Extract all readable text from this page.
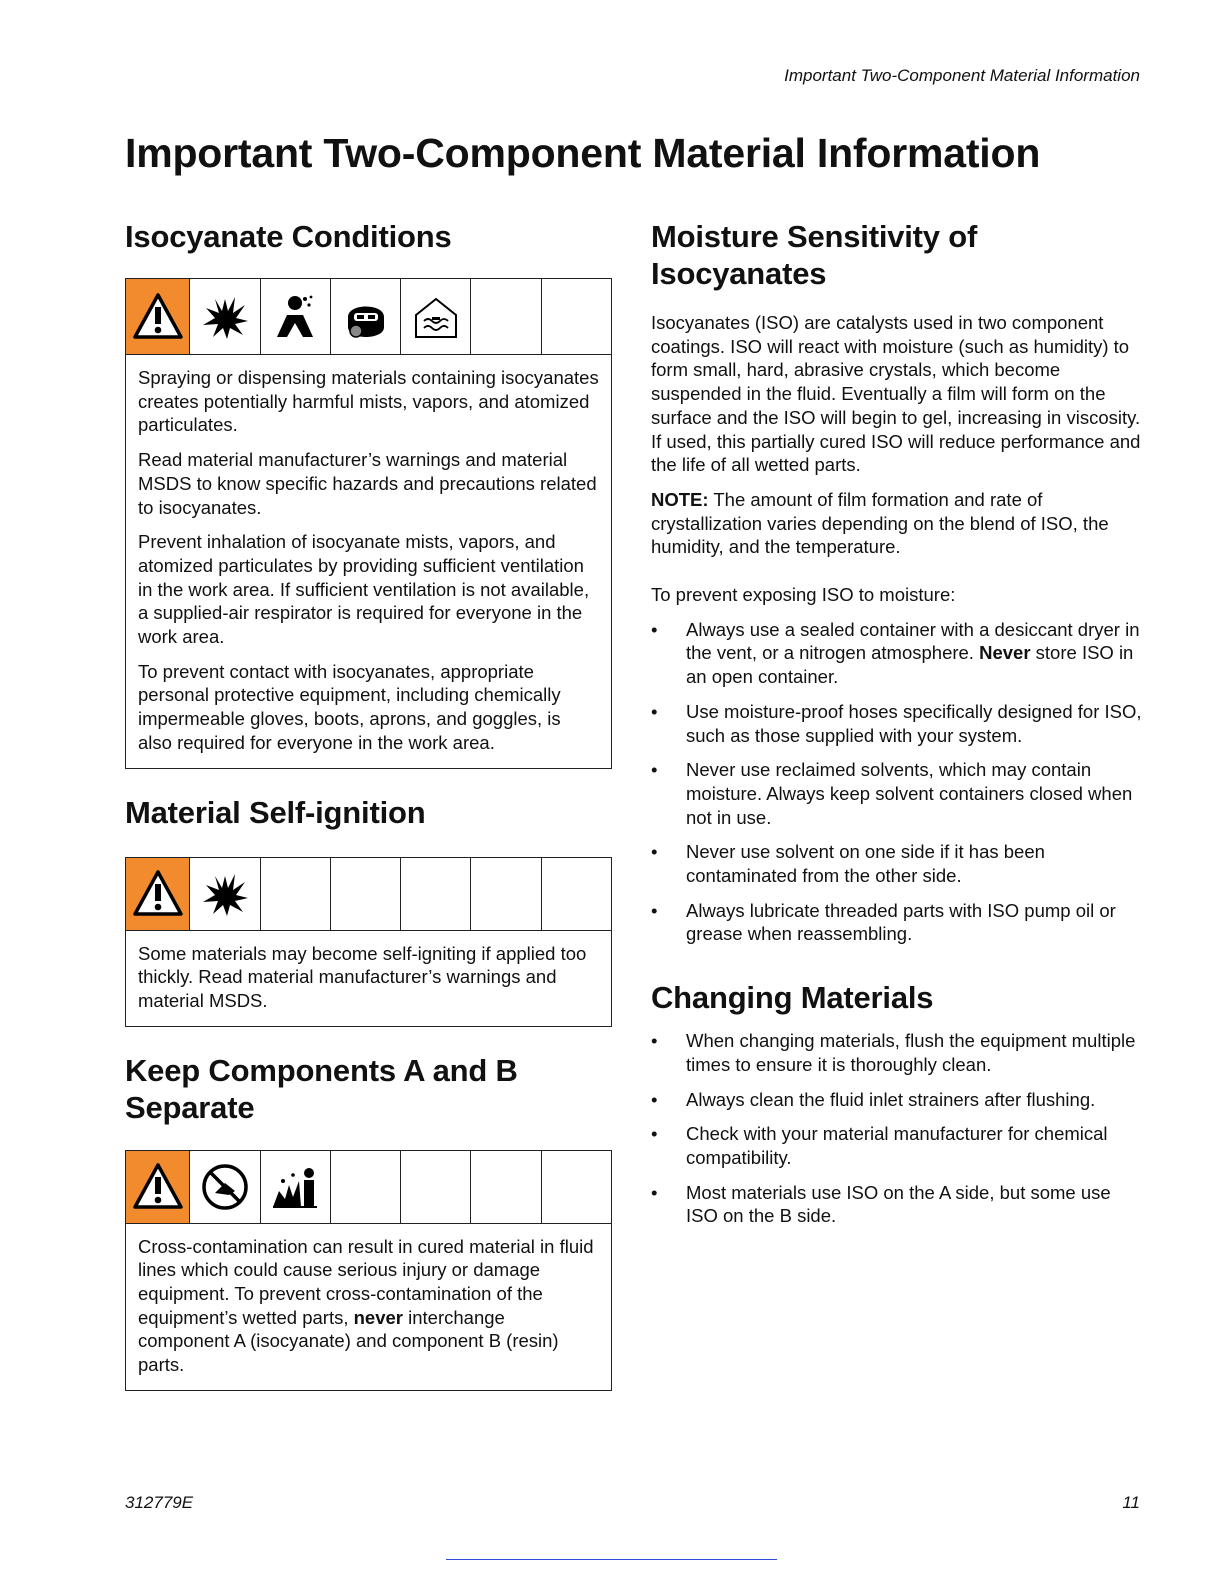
Important Two-Component Material Information
Important Two-Component Material Information
Isocyanate Conditions

Spraying or dispensing materials containing isocyanates creates potentially harmful mists, vapors, and atomized particulates.

Read material manufacturer’s warnings and material MSDS to know specific hazards and precautions related to isocyanates.

Prevent inhalation of isocyanate mists, vapors, and atomized particulates by providing sufficient ventilation in the work area. If sufficient ventilation is not available, a supplied-air respirator is required for everyone in the work area.

To prevent contact with isocyanates, appropriate personal protective equipment, including chemically impermeable gloves, boots, aprons, and goggles, is also required for everyone in the work area.

Material Self-ignition

Some materials may become self-igniting if applied too thickly. Read material manufacturer’s warnings and material MSDS.

Keep Components A and B
Separate

Cross-contamination can result in cured material in fluid lines which could cause serious injury or damage equipment. To prevent cross-contamination of the equipment’s wetted parts, never interchange component A (isocyanate) and component B (resin) parts.

Moisture Sensitivity of
Isocyanates

Isocyanates (ISO) are catalysts used in two component coatings. ISO will react with moisture (such as humidity) to form small, hard, abrasive crystals, which become suspended in the fluid. Eventually a film will form on the surface and the ISO will begin to gel, increasing in viscosity. If used, this partially cured ISO will reduce performance and the life of all wetted parts.

NOTE: The amount of film formation and rate of crystallization varies depending on the blend of ISO, the humidity, and the temperature.

To prevent exposing ISO to moisture:

• Always use a sealed container with a desiccant dryer in the vent, or a nitrogen atmosphere. Never store ISO in an open container.
• Use moisture-proof hoses specifically designed for ISO, such as those supplied with your system.
• Never use reclaimed solvents, which may contain moisture. Always keep solvent containers closed when not in use.
• Never use solvent on one side if it has been contaminated from the other side.
• Always lubricate threaded parts with ISO pump oil or grease when reassembling.
Changing Materials
• When changing materials, flush the equipment multiple times to ensure it is thoroughly clean.
• Always clean the fluid inlet strainers after flushing.
• Check with your material manufacturer for chemical compatibility.
• Most materials use ISO on the A side, but some use ISO on the B side.
312779E	11
